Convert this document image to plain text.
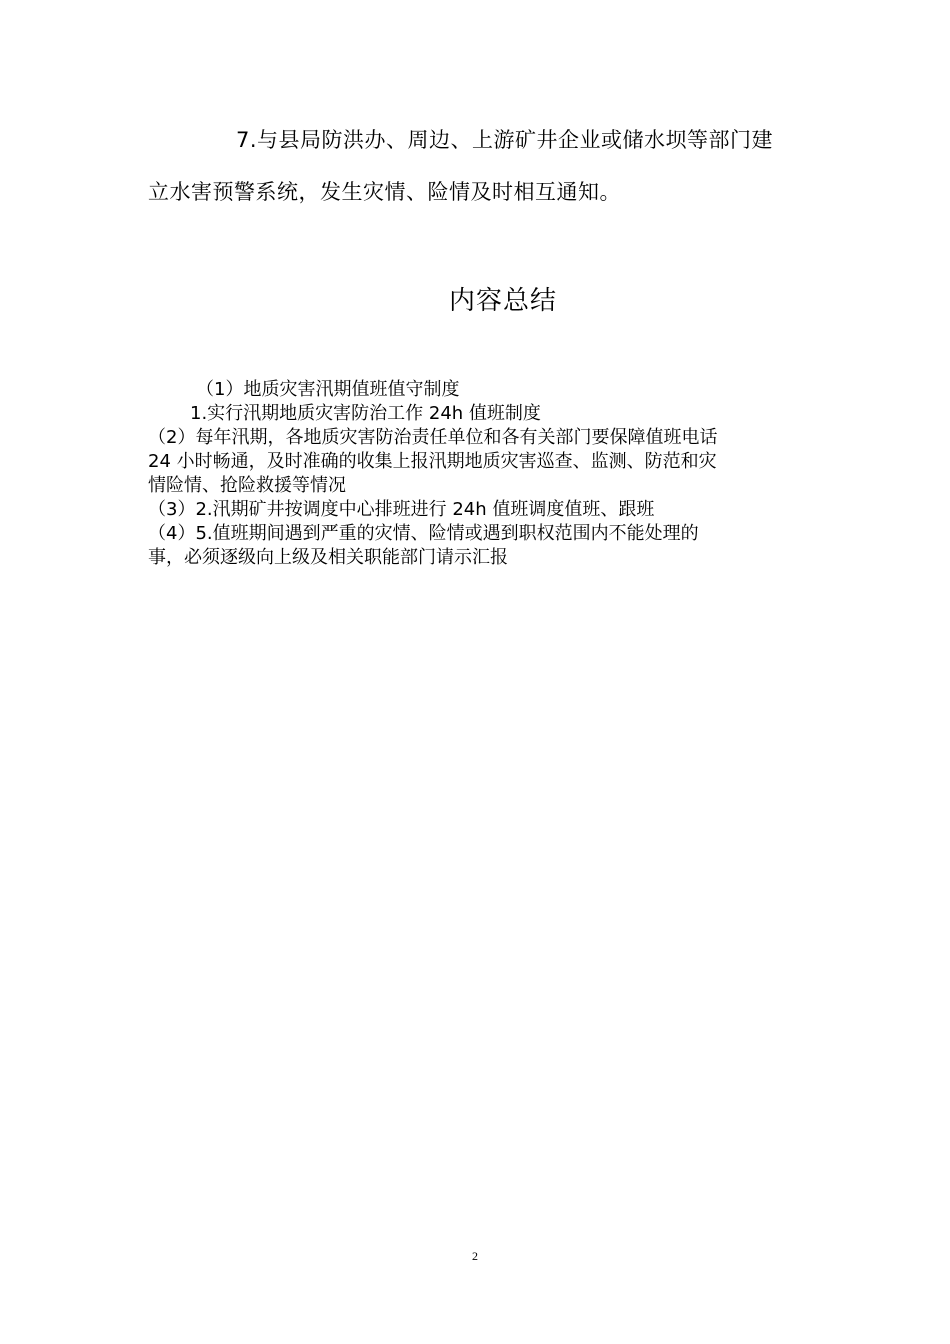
7.与县局防洪办、周边、上游矿井企业或储水坝等部门建
立水害预警系统，发生灾情、险情及时相互通知。
内容总结
（1）地质灾害汛期值班值守制度
1.实行汛期地质灾害防治工作 24h 值班制度
（2）每年汛期，各地质灾害防治责任单位和各有关部门要保障值班电话
24 小时畅通，及时准确的收集上报汛期地质灾害巡查、监测、防范和灾
情险情、抢险救援等情况
（3）2.汛期矿井按调度中心排班进行 24h 值班调度值班、跟班
（4）5.值班期间遇到严重的灾情、险情或遇到职权范围内不能处理的
事，必须逐级向上级及相关职能部门请示汇报
2
